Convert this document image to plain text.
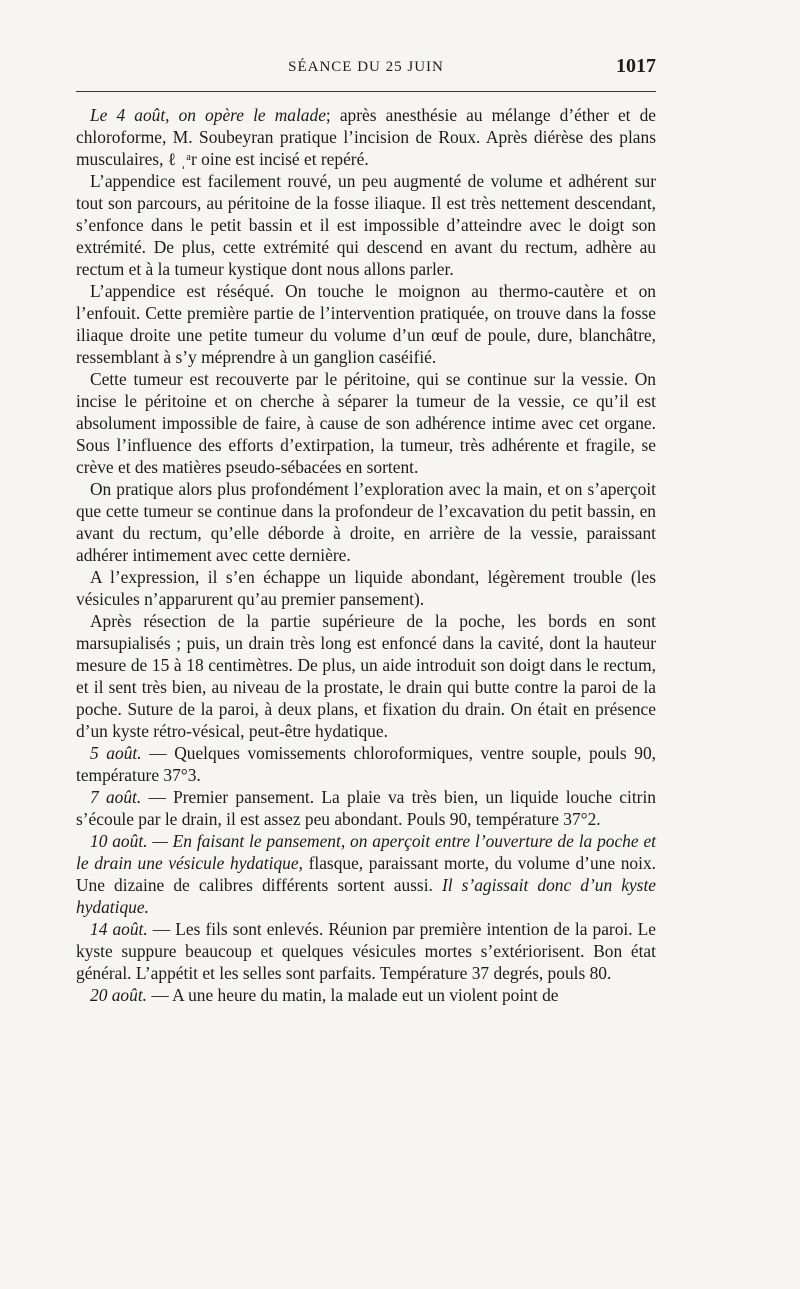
SÉANCE DU 25 JUIN	1017

Le 4 août, on opère le malade; après anesthésie au mélange d’éther et de chloroforme, M. Soubeyran pratique l’incision de Roux. Après diérèse des plans musculaires, ℓ ˌᵃr oine est incisé et repéré.

L’appendice est facilement rouvé, un peu augmenté de volume et adhérent sur tout son parcours, au péritoine de la fosse iliaque. Il est très nettement descendant, s’enfonce dans le petit bassin et il est impossible d’atteindre avec le doigt son extrémité. De plus, cette extrémité qui descend en avant du rectum, adhère au rectum et à la tumeur kystique dont nous allons parler.

L’appendice est réséqué. On touche le moignon au thermo-cautère et on l’enfouit. Cette première partie de l’intervention pratiquée, on trouve dans la fosse iliaque droite une petite tumeur du volume d’un œuf de poule, dure, blanchâtre, ressemblant à s’y méprendre à un ganglion caséifié.

Cette tumeur est recouverte par le péritoine, qui se continue sur la vessie. On incise le péritoine et on cherche à séparer la tumeur de la vessie, ce qu’il est absolument impossible de faire, à cause de son adhérence intime avec cet organe. Sous l’influence des efforts d’extirpation, la tumeur, très adhérente et fragile, se crève et des matières pseudo-sébacées en sortent.

On pratique alors plus profondément l’exploration avec la main, et on s’aperçoit que cette tumeur se continue dans la profondeur de l’excavation du petit bassin, en avant du rectum, qu’elle déborde à droite, en arrière de la vessie, paraissant adhérer intimement avec cette dernière.

A l’expression, il s’en échappe un liquide abondant, légèrement trouble (les vésicules n’apparurent qu’au premier pansement).

Après résection de la partie supérieure de la poche, les bords en sont marsupialisés ; puis, un drain très long est enfoncé dans la cavité, dont la hauteur mesure de 15 à 18 centimètres. De plus, un aide introduit son doigt dans le rectum, et il sent très bien, au niveau de la prostate, le drain qui butte contre la paroi de la poche. Suture de la paroi, à deux plans, et fixation du drain. On était en présence d’un kyste rétro-vésical, peut-être hydatique.

5 août. — Quelques vomissements chloroformiques, ventre souple, pouls 90, température 37°3.

7 août. — Premier pansement. La plaie va très bien, un liquide louche citrin s’écoule par le drain, il est assez peu abondant. Pouls 90, température 37°2.

10 août. — En faisant le pansement, on aperçoit entre l’ouverture de la poche et le drain une vésicule hydatique, flasque, paraissant morte, du volume d’une noix. Une dizaine de calibres différents sortent aussi. Il s’agissait donc d’un kyste hydatique.

14 août. — Les fils sont enlevés. Réunion par première intention de la paroi. Le kyste suppure beaucoup et quelques vésicules mortes s’extériorisent. Bon état général. L’appétit et les selles sont parfaits. Température 37 degrés, pouls 80.

20 août. — A une heure du matin, la malade eut un violent point de
